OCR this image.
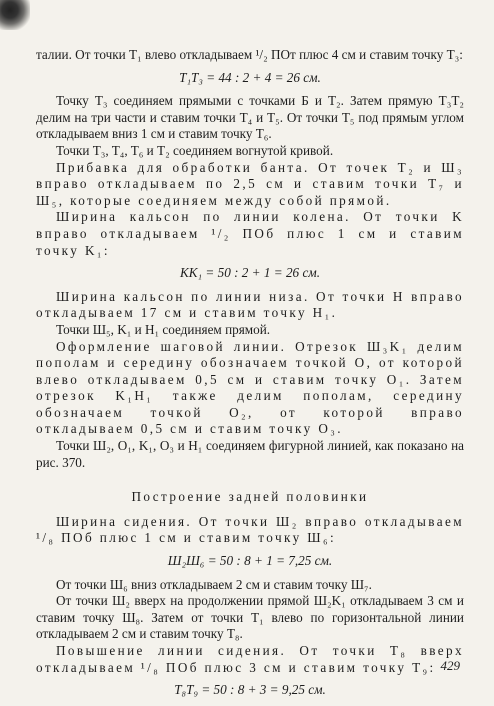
талии. От точки T₁ влево откладываем ¹/₂ ПОт плюс 4 см и ставим точку T₃:

T₁T₃ = 44 : 2 + 4 = 26 см.

Точку T₃ соединяем прямыми с точками Б и T₂. Затем прямую T₃T₂ делим на три части и ставим точки T₄ и T₅. От точки T₅ под прямым углом откладываем вниз 1 см и ставим точку T₆.

Точки T₃, T₄, T₆ и T₂ соединяем вогнутой кривой.

Прибавка для обработки банта. От точек T₂ и Ш₃ вправо откладываем по 2,5 см и ставим точки T₇ и Ш₅, которые соединяем между собой прямой.

Ширина кальсон по линии колена. От точки K вправо откладываем ¹/₂ ПОб плюс 1 см и ставим точку K₁:

KK₁ = 50 : 2 + 1 = 26 см.

Ширина кальсон по линии низа. От точки H вправо откладываем 17 см и ставим точку H₁.

Точки Ш₅, K₁ и H₁ соединяем прямой.

Оформление шаговой линии. Отрезок Ш₃K₁ делим пополам и середину обозначаем точкой O, от которой влево откладываем 0,5 см и ставим точку O₁. Затем отрезок K₁H₁ также делим пополам, середину обозначаем точкой O₂, от которой вправо откладываем 0,5 см и ставим точку O₃.

Точки Ш₂, O₁, K₁, O₃ и H₁ соединяем фигурной линией, как показано на рис. 370.

Построение задней половинки

Ширина сидения. От точки Ш₂ вправо откладываем ¹/₈ ПОб плюс 1 см и ставим точку Ш₆:

Ш₂Ш₆ = 50 : 8 + 1 = 7,25 см.

От точки Ш₆ вниз откладываем 2 см и ставим точку Ш₇.

От точки Ш₂ вверх на продолжении прямой Ш₂K₁ откладываем 3 см и ставим точку Ш₈. Затем от точки T₁ влево по горизонтальной линии откладываем 2 см и ставим точку T₈.

Повышение линии сидения. От точки T₈ вверх откладываем ¹/₈ ПОб плюс 3 см и ставим точку T₉:

T₈T₉ = 50 : 8 + 3 = 9,25 см.

429
